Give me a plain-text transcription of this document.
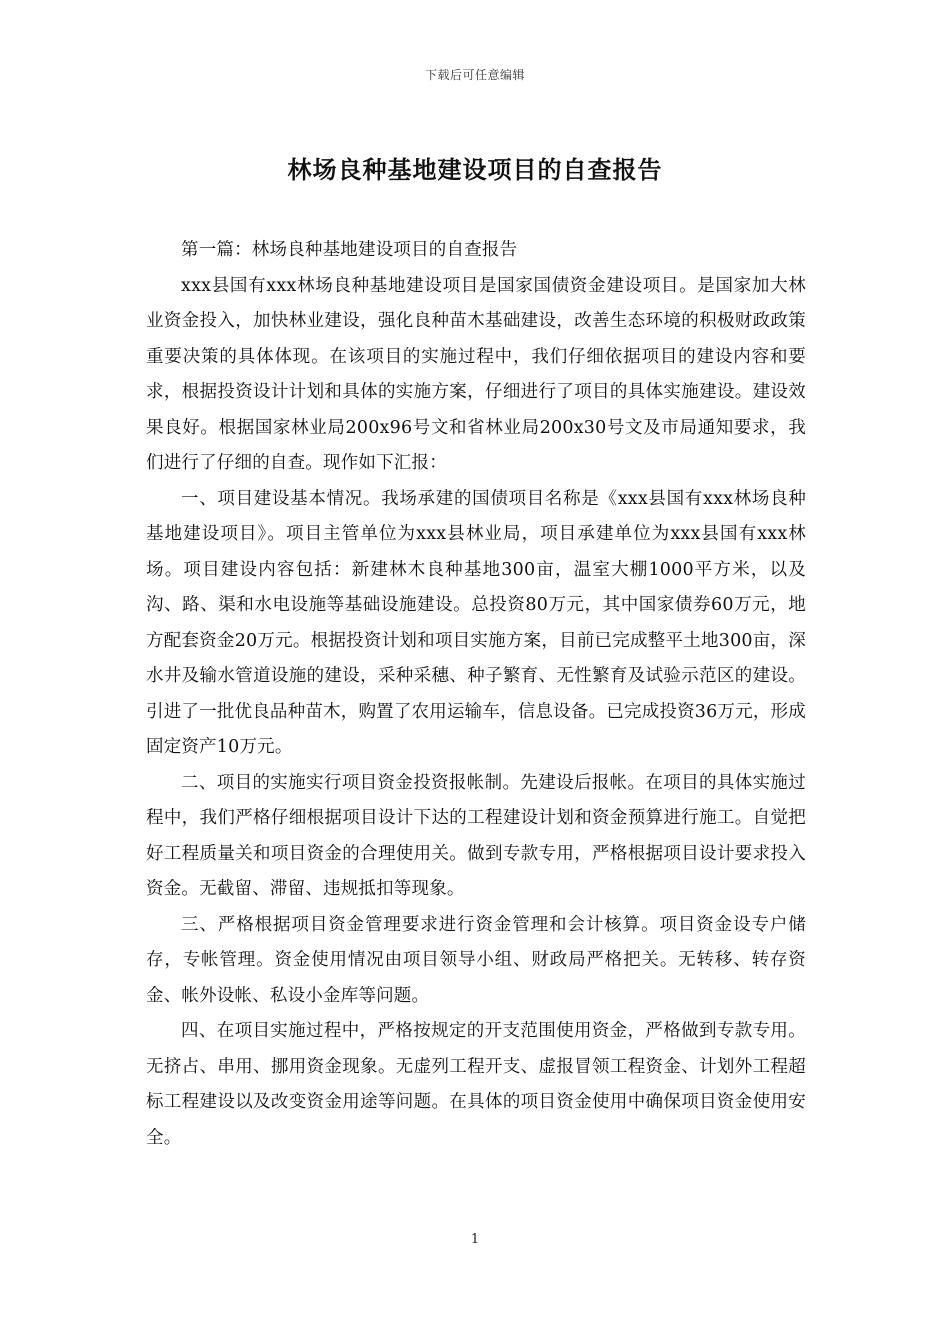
下载后可任意编辑
林场良种基地建设项目的自查报告

第一篇：林场良种基地建设项目的自查报告

xxx县国有xxx林场良种基地建设项目是国家国债资金建设项目。是国家加大林业资金投入，加快林业建设，强化良种苗木基础建设，改善生态环境的积极财政政策重要决策的具体体现。在该项目的实施过程中，我们仔细依据项目的建设内容和要求，根据投资设计计划和具体的实施方案，仔细进行了项目的具体实施建设。建设效果良好。根据国家林业局200x96号文和省林业局200x30号文及市局通知要求，我们进行了仔细的自查。现作如下汇报：

一、项目建设基本情况。我场承建的国债项目名称是《xxx县国有xxx林场良种基地建设项目》。项目主管单位为xxx县林业局，项目承建单位为xxx县国有xxx林场。项目建设内容包括：新建林木良种基地300亩，温室大棚1000平方米，以及沟、路、渠和水电设施等基础设施建设。总投资80万元，其中国家债券60万元，地方配套资金20万元。根据投资计划和项目实施方案，目前已完成整平土地300亩，深水井及输水管道设施的建设，采种采穗、种子繁育、无性繁育及试验示范区的建设。引进了一批优良品种苗木，购置了农用运输车，信息设备。已完成投资36万元，形成固定资产10万元。

二、项目的实施实行项目资金投资报帐制。先建设后报帐。在项目的具体实施过程中，我们严格仔细根据项目设计下达的工程建设计划和资金预算进行施工。自觉把好工程质量关和项目资金的合理使用关。做到专款专用，严格根据项目设计要求投入资金。无截留、滞留、违规抵扣等现象。

三、严格根据项目资金管理要求进行资金管理和会计核算。项目资金设专户储存，专帐管理。资金使用情况由项目领导小组、财政局严格把关。无转移、转存资金、帐外设帐、私设小金库等问题。

四、在项目实施过程中，严格按规定的开支范围使用资金，严格做到专款专用。无挤占、串用、挪用资金现象。无虚列工程开支、虚报冒领工程资金、计划外工程超标工程建设以及改变资金用途等问题。在具体的项目资金使用中确保项目资金使用安全。

1
